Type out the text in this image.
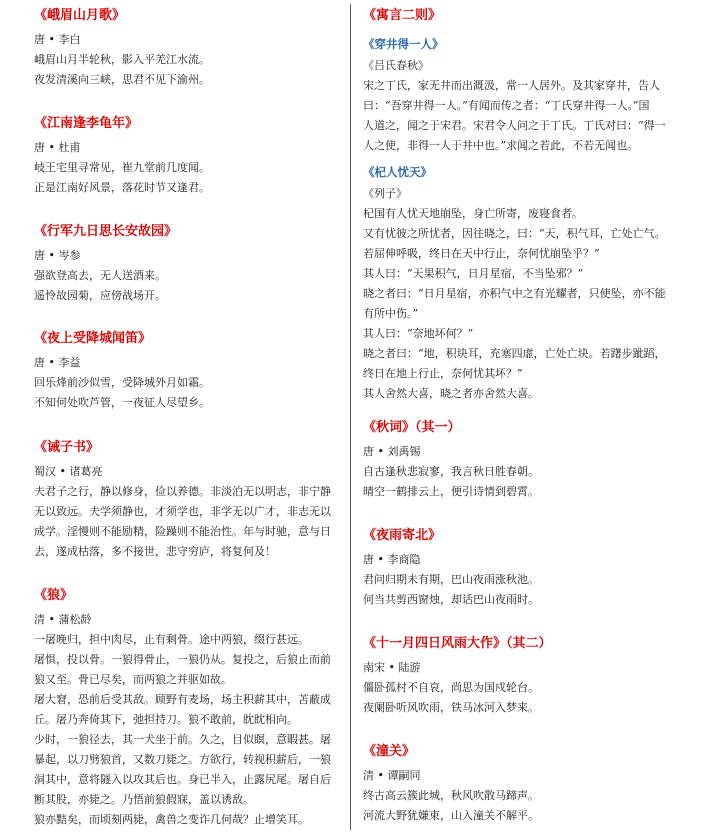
《峨眉山月歌》
唐 • 李白

峨眉山月半轮秋，影入平羌江水流。

夜发清溪向三峡，思君不见下渝州。

《江南逢李龟年》
唐 • 杜甫

岐王宅里寻常见，崔九堂前几度闻。

正是江南好风景，落花时节又逢君。

《行军九日思长安故园》
唐 • 岑参

强欲登高去，无人送酒来。

遥怜故园菊，应傍战场开。

《夜上受降城闻笛》
唐 • 李益

回乐烽前沙似雪，受降城外月如霜。

不知何处吹芦管，一夜征人尽望乡。

《诫子书》
蜀汉 • 诸葛亮

夫君子之行，静以修身，俭以养德。非淡泊无以明志，非宁静

无以致远。夫学须静也，才须学也，非学无以广才，非志无以

成学。淫慢则不能励精，险躁则不能治性。年与时驰，意与日

去，遂成枯落，多不接世，悲守穷庐，将复何及！

《狼》
清 • 蒲松龄

一屠晚归，担中肉尽，止有剩骨。途中两狼，缀行甚远。

屠惧，投以骨。一狼得骨止，一狼仍从。复投之，后狼止而前

狼又至。骨已尽矣，而两狼之并驱如故。

屠大窘，恐前后受其敌。顾野有麦场，场主积薪其中，苫蔽成

丘。屠乃奔倚其下，弛担持刀。狼不敢前，眈眈相向。

少时，一狼径去，其一犬坐于前。久之，目似瞑，意暇甚。屠

暴起，以刀劈狼首，又数刀毙之。方欲行，转视积薪后，一狼

洞其中，意将隧入以攻其后也。身已半入，止露尻尾。屠自后

断其股，亦毙之。乃悟前狼假寐，盖以诱敌。

狼亦黠矣，而顷刻两毙，禽兽之变诈几何哉？止增笑耳。

《寓言二则》
《穿井得一人》
《吕氏春秋》

宋之丁氏，家无井而出溉汲，常一人居外。及其家穿井，告人

曰：“吾穿井得一人。”有闻而传之者：“丁氏穿井得一人。”国

人道之，闻之于宋君。宋君令人问之于丁氏。丁氏对曰：“得一

人之使，非得一人于井中也。”求闻之若此，不若无闻也。

《杞人忧天》
《列子》

杞国有人忧天地崩坠，身亡所寄，废寝食者。

又有忧彼之所忧者，因往晓之，曰：“天，积气耳，亡处亡气。

若屈伸呼吸，终日在天中行止，奈何忧崩坠乎？”

其人曰：“天果积气，日月星宿，不当坠邪？”

晓之者曰：“日月星宿，亦积气中之有光耀者，只使坠，亦不能

有所中伤。”

其人曰：“奈地坏何？”

晓之者曰：“地，积块耳，充塞四虚，亡处亡块。若躇步跐蹈，

终日在地上行止，奈何忧其坏？”

其人舍然大喜，晓之者亦舍然大喜。

《秋词》（其一）
唐 • 刘禹锡

自古逢秋悲寂寥，我言秋日胜春朝。

晴空一鹤排云上，便引诗情到碧霄。

《夜雨寄北》
唐 • 李商隐

君问归期未有期，巴山夜雨涨秋池。

何当共剪西窗烛，却话巴山夜雨时。

《十一月四日风雨大作》（其二）
南宋 • 陆游

僵卧孤村不自哀，尚思为国戍轮台。

夜阑卧听风吹雨，铁马冰河入梦来。

《潼关》
清 • 谭嗣同

终古高云簇此城，秋风吹散马蹄声。

河流大野犹嫌束，山入潼关不解平。
